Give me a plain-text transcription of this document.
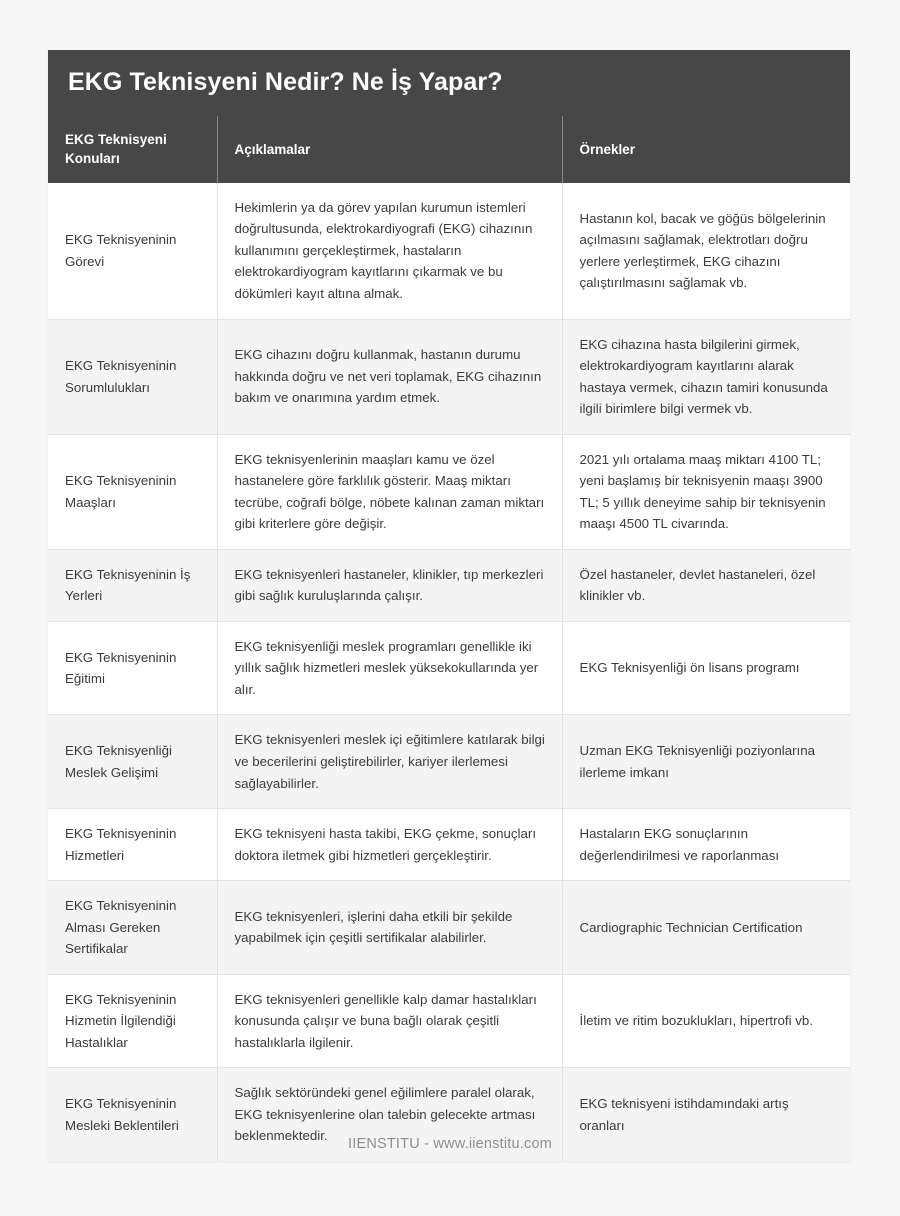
EKG Teknisyeni Nedir? Ne İş Yapar?
EKG Teknisyeni Konuları	Açıklamalar	Örnekler
EKG Teknisyeninin Görevi	Hekimlerin ya da görev yapılan kurumun istemleri doğrultusunda, elektrokardiyografi (EKG) cihazının kullanımını gerçekleştirmek, hastaların elektrokardiyogram kayıtlarını çıkarmak ve bu dökümleri kayıt altına almak.	Hastanın kol, bacak ve göğüs bölgelerinin açılmasını sağlamak, elektrotları doğru yerlere yerleştirmek, EKG cihazını çalıştırılmasını sağlamak vb.
EKG Teknisyeninin Sorumlulukları	EKG cihazını doğru kullanmak, hastanın durumu hakkında doğru ve net veri toplamak, EKG cihazının bakım ve onarımına yardım etmek.	EKG cihazına hasta bilgilerini girmek, elektrokardiyogram kayıtlarını alarak hastaya vermek, cihazın tamiri konusunda ilgili birimlere bilgi vermek vb.
EKG Teknisyeninin Maaşları	EKG teknisyenlerinin maaşları kamu ve özel hastanelere göre farklılık gösterir. Maaş miktarı tecrübe, coğrafi bölge, nöbete kalınan zaman miktarı gibi kriterlere göre değişir.	2021 yılı ortalama maaş miktarı 4100 TL; yeni başlamış bir teknisyenin maaşı 3900 TL; 5 yıllık deneyime sahip bir teknisyenin maaşı 4500 TL civarında.
EKG Teknisyeninin İş Yerleri	EKG teknisyenleri hastaneler, klinikler, tıp merkezleri gibi sağlık kuruluşlarında çalışır.	Özel hastaneler, devlet hastaneleri, özel klinikler vb.
EKG Teknisyeninin Eğitimi	EKG teknisyenliği meslek programları genellikle iki yıllık sağlık hizmetleri meslek yüksekokullarında yer alır.	EKG Teknisyenliği ön lisans programı
EKG Teknisyenliği Meslek Gelişimi	EKG teknisyenleri meslek içi eğitimlere katılarak bilgi ve becerilerini geliştirebilirler, kariyer ilerlemesi sağlayabilirler.	Uzman EKG Teknisyenliği poziyonlarına ilerleme imkanı
EKG Teknisyeninin Hizmetleri	EKG teknisyeni hasta takibi, EKG çekme, sonuçları doktora iletmek gibi hizmetleri gerçekleştirir.	Hastaların EKG sonuçlarının değerlendirilmesi ve raporlanması
EKG Teknisyeninin Alması Gereken Sertifikalar	EKG teknisyenleri, işlerini daha etkili bir şekilde yapabilmek için çeşitli sertifikalar alabilirler.	Cardiographic Technician Certification
EKG Teknisyeninin Hizmetin İlgilendiği Hastalıklar	EKG teknisyenleri genellikle kalp damar hastalıkları konusunda çalışır ve buna bağlı olarak çeşitli hastalıklarla ilgilenir.	İletim ve ritim bozuklukları, hipertrofi vb.
EKG Teknisyeninin Mesleki Beklentileri	Sağlık sektöründeki genel eğilimlere paralel olarak, EKG teknisyenlerine olan talebin gelecekte artması beklenmektedir.	EKG teknisyeni istihdamındaki artış oranları
IIENSTITU - www.iienstitu.com
